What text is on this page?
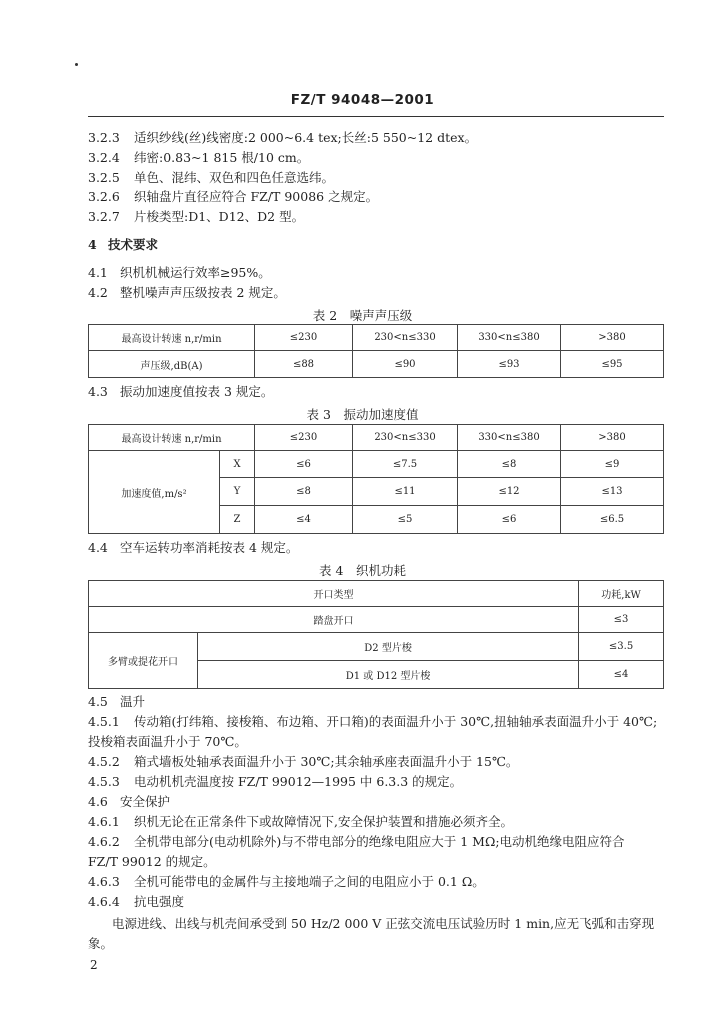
FZ/T 94048—2001
3.2.3 适织纱线(丝)线密度:2 000~6.4 tex;长丝:5 550~12 dtex。
3.2.4 纬密:0.83~1 815 根/10 cm。
3.2.5 单色、混纬、双色和四色任意选纬。
3.2.6 织轴盘片直径应符合 FZ/T 90086 之规定。
3.2.7 片梭类型:D1、D12、D2 型。
4 技术要求
4.1 织机机械运行效率≥95%。
4.2 整机噪声声压级按表 2 规定。
表 2　噪声声压级
最高设计转速 n,r/min	≤230	230<n≤330	330<n≤380	>380
声压级,dB(A)	≤88	≤90	≤93	≤95
4.3 振动加速度值按表 3 规定。
表 3　振动加速度值
最高设计转速 n,r/min		≤230	230<n≤330	330<n≤380	>380
加速度值,m/s²	X	≤6	≤7.5	≤8	≤9
	Y	≤8	≤11	≤12	≤13
	Z	≤4	≤5	≤6	≤6.5
4.4 空车运转功率消耗按表 4 规定。
表 4　织机功耗
开口类型		功耗,kW
踏盘开口		≤3
多臂或提花开口	D2 型片梭	≤3.5
	D1 或 D12 型片梭	≤4
4.5 温升
4.5.1 传动箱(打纬箱、接梭箱、布边箱、开口箱)的表面温升小于 30℃,扭轴轴承表面温升小于 40℃;
投梭箱表面温升小于 70℃。
4.5.2 箱式墙板处轴承表面温升小于 30℃;其余轴承座表面温升小于 15℃。
4.5.3 电动机机壳温度按 FZ/T 99012—1995 中 6.3.3 的规定。
4.6 安全保护
4.6.1 织机无论在正常条件下或故障情况下,安全保护装置和措施必须齐全。
4.6.2 全机带电部分(电动机除外)与不带电部分的绝缘电阻应大于 1 MΩ;电动机绝缘电阻应符合
FZ/T 99012 的规定。
4.6.3 全机可能带电的金属件与主接地端子之间的电阻应小于 0.1 Ω。
4.6.4 抗电强度
电源进线、出线与机壳间承受到 50 Hz/2 000 V 正弦交流电压试验历时 1 min,应无飞弧和击穿现
象。
2
